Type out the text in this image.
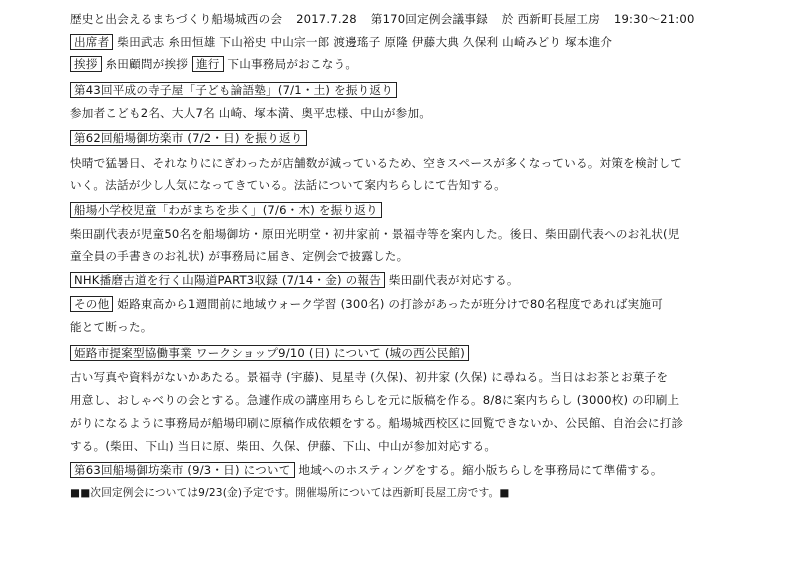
歴史と出会えるまちづくり船場城西の会 2017.7.28 第170回定例会議事録 於 西新町長屋工房 19:30～21:00
出席者 柴田武志 糸田恒雄 下山裕史 中山宗一郎 渡邊瑤子 原隆 伊藤大典 久保利 山崎みどり 塚本進介
挨拶 糸田顧問が挨拶 進行 下山事務局がおこなう。
第43回平成の寺子屋「子ども論語塾」(7/1・土) を振り返り
参加者こども2名、大人7名 山崎、塚本満、奥平忠様、中山が参加。
第62回船場御坊楽市 (7/2・日) を振り返り
快晴で猛暑日、それなりににぎわったが店舗数が減っているため、空きスペースが多くなっている。対策を検討して
いく。法話が少し人気になってきている。法話について案内ちらしにて告知する。
船場小学校児童「わがまちを歩く」(7/6・木) を振り返り
柴田副代表が児童50名を船場御坊・原田光明堂・初井家前・景福寺等を案内した。後日、柴田副代表へのお礼状(児
童全員の手書きのお礼状) が事務局に届き、定例会で披露した。
NHK播磨古道を行く山陽道PART3収録 (7/14・金) の報告 柴田副代表が対応する。
その他 姫路東高から1週間前に地域ウォーク学習 (300名) の打診があったが班分けで80名程度であれば実施可
能とて断った。
姫路市提案型協働事業 ワークショップ9/10 (日) について (城の西公民館)
古い写真や資料がないかあたる。景福寺 (宇藤)、見星寺 (久保)、初井家 (久保) に尋ねる。当日はお茶とお菓子を
用意し、おしゃべりの会とする。急遽作成の講座用ちらしを元に版稿を作る。8/8に案内ちらし (3000枚) の印刷上
がりになるように事務局が船場印刷に原稿作成依頼をする。船場城西校区に回覧できないか、公民館、自治会に打診
する。(柴田、下山) 当日に原、柴田、久保、伊藤、下山、中山が参加対応する。
第63回船場御坊楽市 (9/3・日) について 地域へのホスティングをする。縮小版ちらしを事務局にて準備する。
■■次回定例会については9/23(金)予定です。開催場所については西新町長屋工房です。■
